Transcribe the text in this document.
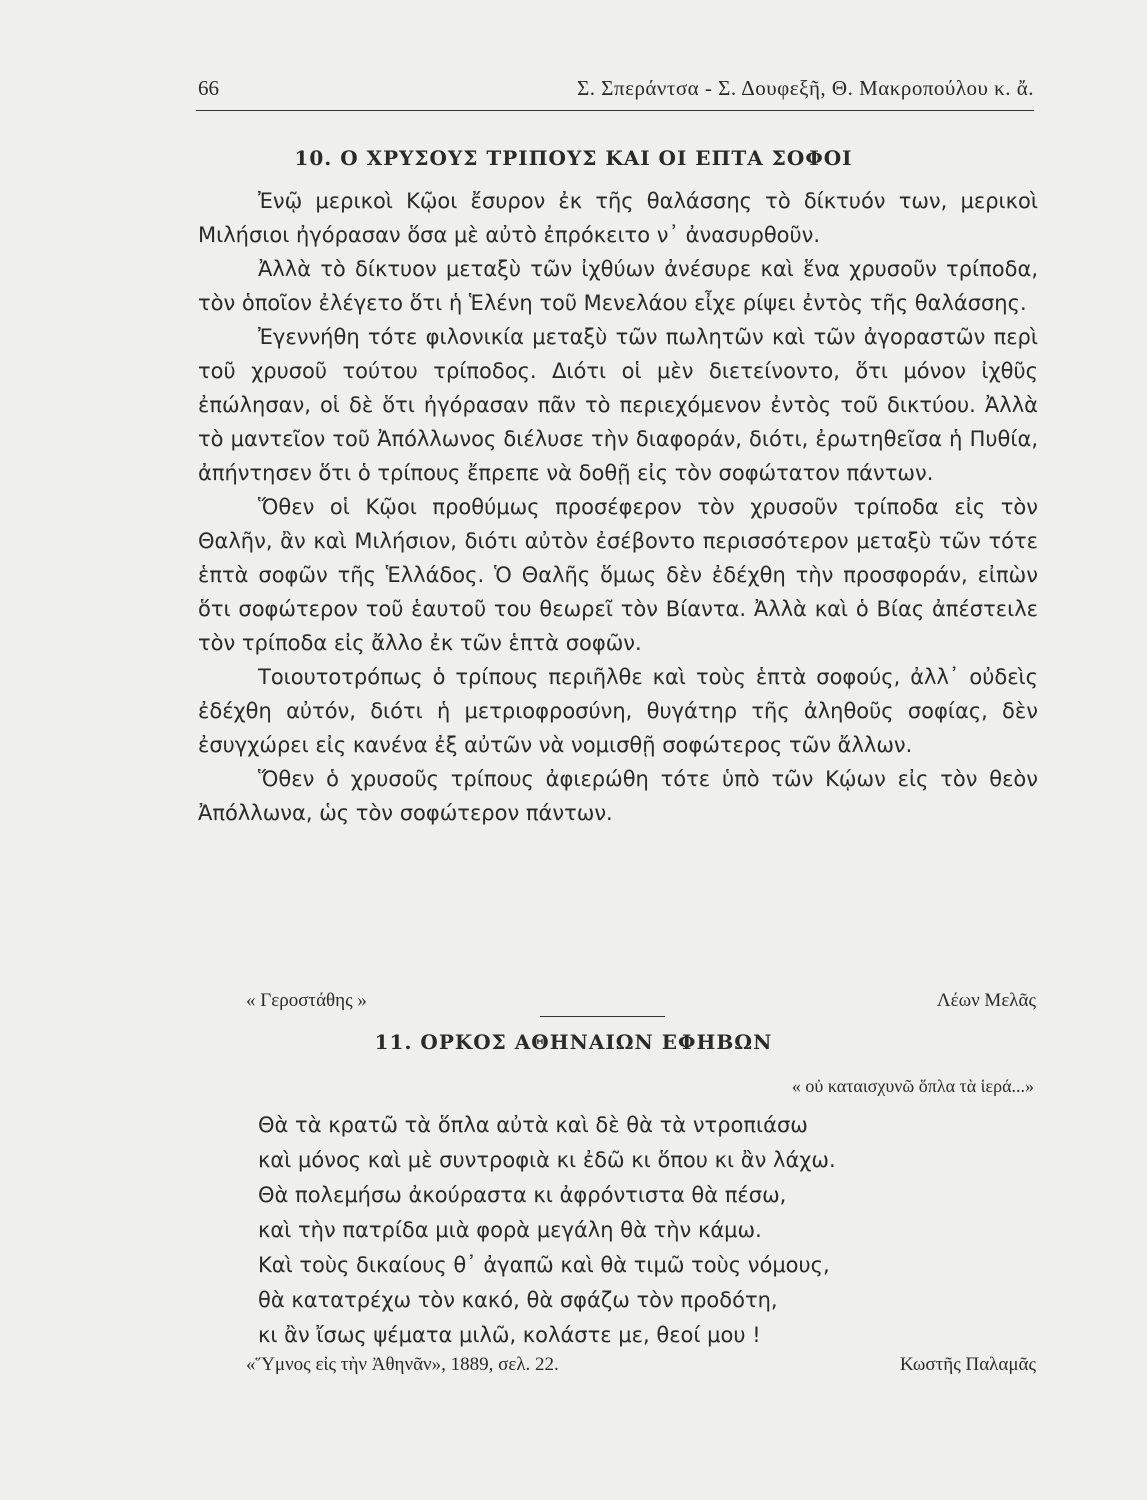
66	Σ. Σπεράντσα - Σ. Δουφεξῆ, Θ. Μακροπούλου κ. ἄ.
10. Ο ΧΡΥΣΟΥΣ ΤΡΙΠΟΥΣ ΚΑΙ ΟΙ ΕΠΤΑ ΣΟΦΟΙ

Ἐνῷ μερικοὶ Κῷοι ἔσυρον ἐκ τῆς θαλάσσης τὸ δίκτυόν των, μερικοὶ Μιλήσιοι ἠγόρασαν ὅσα μὲ αὐτὸ ἐπρόκειτο ν᾽ ἀνασυρθοῦν.

Ἀλλὰ τὸ δίκτυον μεταξὺ τῶν ἰχθύων ἀνέσυρε καὶ ἕνα χρυσοῦν τρίποδα, τὸν ὁποῖον ἐλέγετο ὅτι ἡ Ἑλένη τοῦ Μενελάου εἶχε ρίψει ἐντὸς τῆς θαλάσσης.

Ἐγεννήθη τότε φιλονικία μεταξὺ τῶν πωλητῶν καὶ τῶν ἀγοραστῶν περὶ τοῦ χρυσοῦ τούτου τρίποδος. Διότι οἱ μὲν διετείνοντο, ὅτι μόνον ἰχθῦς ἐπώλησαν, οἱ δὲ ὅτι ἠγόρασαν πᾶν τὸ περιεχόμενον ἐντὸς τοῦ δικτύου. Ἀλλὰ τὸ μαντεῖον τοῦ Ἀπόλλωνος διέλυσε τὴν διαφοράν, διότι, ἐρωτηθεῖσα ἡ Πυθία, ἀπήντησεν ὅτι ὁ τρίπους ἔπρεπε νὰ δοθῇ εἰς τὸν σοφώτατον πάντων.

Ὅθεν οἱ Κῷοι προθύμως προσέφερον τὸν χρυσοῦν τρίποδα εἰς τὸν Θαλῆν, ἂν καὶ Μιλήσιον, διότι αὐτὸν ἐσέβοντο περισσότερον μεταξὺ τῶν τότε ἑπτὰ σοφῶν τῆς Ἑλλάδος. Ὁ Θαλῆς ὅμως δὲν ἐδέχθη τὴν προσφοράν, εἰπὼν ὅτι σοφώτερον τοῦ ἑαυτοῦ του θεωρεῖ τὸν Βίαντα. Ἀλλὰ καὶ ὁ Βίας ἀπέστειλε τὸν τρίποδα εἰς ἄλλο ἐκ τῶν ἑπτὰ σοφῶν.

Τοιουτοτρόπως ὁ τρίπους περιῆλθε καὶ τοὺς ἑπτὰ σοφούς, ἀλλ᾽ οὐδεὶς ἐδέχθη αὐτόν, διότι ἡ μετριοφροσύνη, θυγάτηρ τῆς ἀληθοῦς σοφίας, δὲν ἐσυγχώρει εἰς κανένα ἐξ αὐτῶν νὰ νομισθῇ σοφώτερος τῶν ἄλλων.

Ὅθεν ὁ χρυσοῦς τρίπους ἀφιερώθη τότε ὑπὸ τῶν Κῴων εἰς τὸν θεὸν Ἀπόλλωνα, ὡς τὸν σοφώτερον πάντων.

« Γεροστάθης »	Λέων Μελᾶς
11. ΟΡΚΟΣ ΑΘΗΝΑΙΩΝ ΕΦΗΒΩΝ
« οὐ καταισχυνῶ ὅπλα τὰ ἱερά...»
Θὰ τὰ κρατῶ τὰ ὅπλα αὐτὰ καὶ δὲ θὰ τὰ ντροπιάσω
καὶ μόνος καὶ μὲ συντροφιὰ κι ἐδῶ κι ὅπου κι ἂν λάχω.
Θὰ πολεμήσω ἀκούραστα κι ἀφρόντιστα θὰ πέσω,
καὶ τὴν πατρίδα μιὰ φορὰ μεγάλη θὰ τὴν κάμω.
Καὶ τοὺς δικαίους θ᾽ ἀγαπῶ καὶ θὰ τιμῶ τοὺς νόμους,
θὰ κατατρέχω τὸν κακό, θὰ σφάζω τὸν προδότη,
κι ἂν ἴσως ψέματα μιλῶ, κολάστε με, θεοί μου !
«Ὕμνος εἰς τὴν Ἀθηνᾶν», 1889, σελ. 22.	Κωστῆς Παλαμᾶς
